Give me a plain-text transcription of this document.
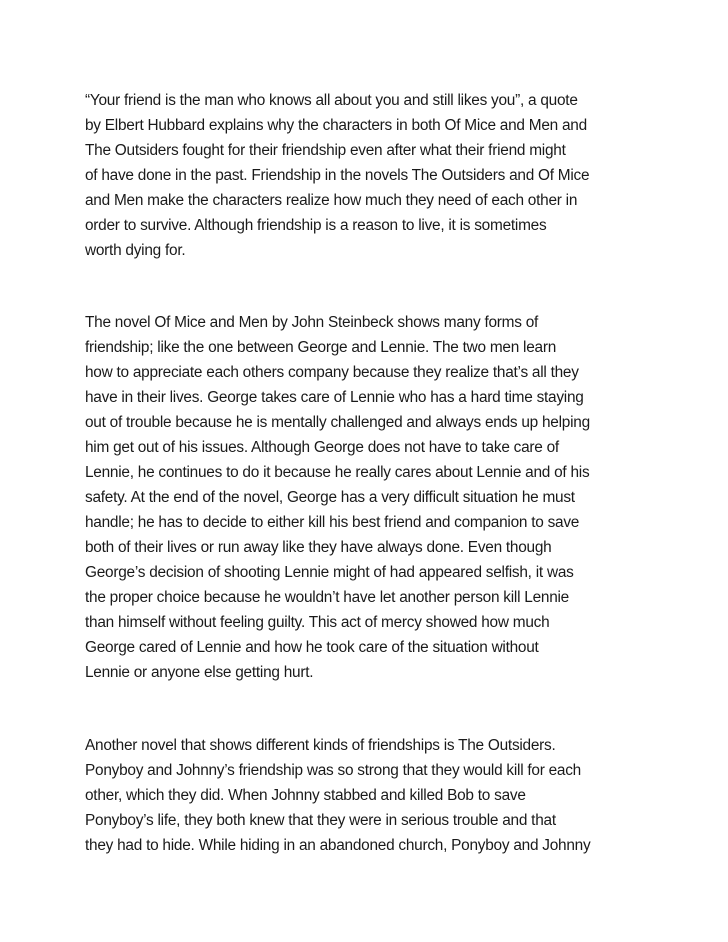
“Your friend is the man who knows all about you and still likes you”, a quote
by Elbert Hubbard explains why the characters in both Of Mice and Men and
The Outsiders fought for their friendship even after what their friend might
of have done in the past. Friendship in the novels The Outsiders and Of Mice
and Men make the characters realize how much they need of each other in
order to survive. Although friendship is a reason to live, it is sometimes
worth dying for.
The novel Of Mice and Men by John Steinbeck shows many forms of
friendship; like the one between George and Lennie. The two men learn
how to appreciate each others company because they realize that’s all they
have in their lives. George takes care of Lennie who has a hard time staying
out of trouble because he is mentally challenged and always ends up helping
him get out of his issues. Although George does not have to take care of
Lennie, he continues to do it because he really cares about Lennie and of his
safety. At the end of the novel, George has a very difficult situation he must
handle; he has to decide to either kill his best friend and companion to save
both of their lives or run away like they have always done. Even though
George’s decision of shooting Lennie might of had appeared selfish, it was
the proper choice because he wouldn’t have let another person kill Lennie
than himself without feeling guilty. This act of mercy showed how much
George cared of Lennie and how he took care of the situation without
Lennie or anyone else getting hurt.
Another novel that shows different kinds of friendships is The Outsiders.
Ponyboy and Johnny’s friendship was so strong that they would kill for each
other, which they did. When Johnny stabbed and killed Bob to save
Ponyboy’s life, they both knew that they were in serious trouble and that
they had to hide. While hiding in an abandoned church, Ponyboy and Johnny
